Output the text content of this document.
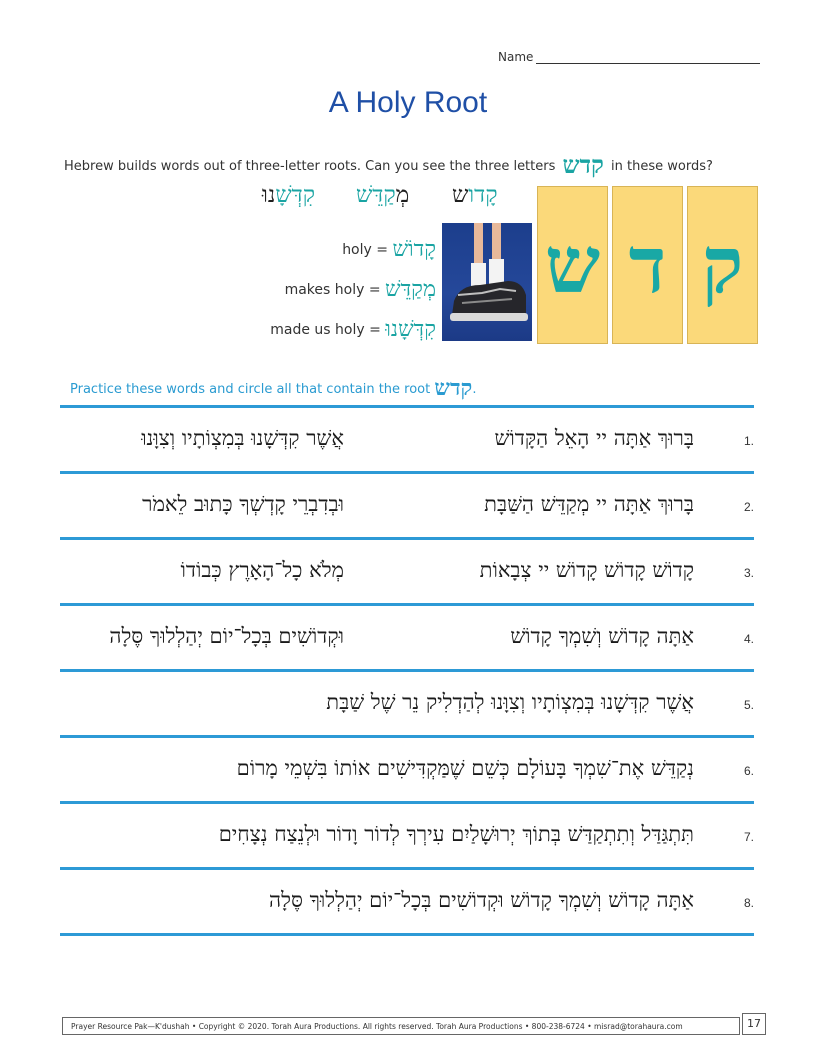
Name
A Holy Root
Hebrew builds words out of three-letter roots. Can you see the three letters קדש in these words?
קָדוש
מְקַדֵּשׁ
קִדְּשָׁנוּ
holy = קָדוֹשׁ
makes holy = מְקַדֵּשׁ
made us holy = קִדְּשָׁנוּ
ש ד ק
Practice these words and circle all that contain the root קדש.
1.
בָּרוּךְ אַתָּה יי הָאֵל הַקָּדוֹשׁ
אֲשֶׁר קִדְּשָׁנוּ בְּמִצְוֹתָיו וְצִוָּנוּ
2.
בָּרוּךְ אַתָּה יי מְקַדֵּשׁ הַשַּׁבָּת
וּבְדִבְרֵי קָדְשְׁךָ כָּתוּב לֵאמֹר
3.
קָדוֹשׁ קָדוֹשׁ קָדוֹשׁ יי צְבָאוֹת
מְלֹא כָל־הָאָרֶץ כְּבוֹדוֹ
4.
אַתָּה קָדוֹשׁ וְשִׁמְךָ קָדוֹשׁ
וּקְדוֹשִׁים בְּכָל־יוֹם יְהַלְלוּךָ סֶּלָה
5.
אֲשֶׁר קִדְּשָׁנוּ בְּמִצְוֹתָיו וְצִוָּנוּ לְהַדְלִיק נֵר שֶׁל שַׁבָּת
6.
נְקַדֵּשׁ אֶת־שִׁמְךָ בָּעוֹלָם כְּשֵׁם שֶׁמַּקְדִּישִׁים אוֹתוֹ בִּשְׁמֵי מָרוֹם
7.
תִּתְגַּדַּל וְתִתְקַדַּשׁ בְּתוֹךְ יְרוּשָׁלַיִם עִירְךָ לְדוֹר וָדוֹר וּלְנֵצַח נְצָחִים
8.
אַתָּה קָדוֹשׁ וְשִׁמְךָ קָדוֹשׁ וּקְדוֹשִׁים בְּכָל־יוֹם יְהַלְלוּךָ סֶּלָה
Prayer Resource Pak—K'dushah • Copyright © 2020. Torah Aura Productions. All rights reserved. Torah Aura Productions • 800-238-6724 • misrad@torahaura.com	17
